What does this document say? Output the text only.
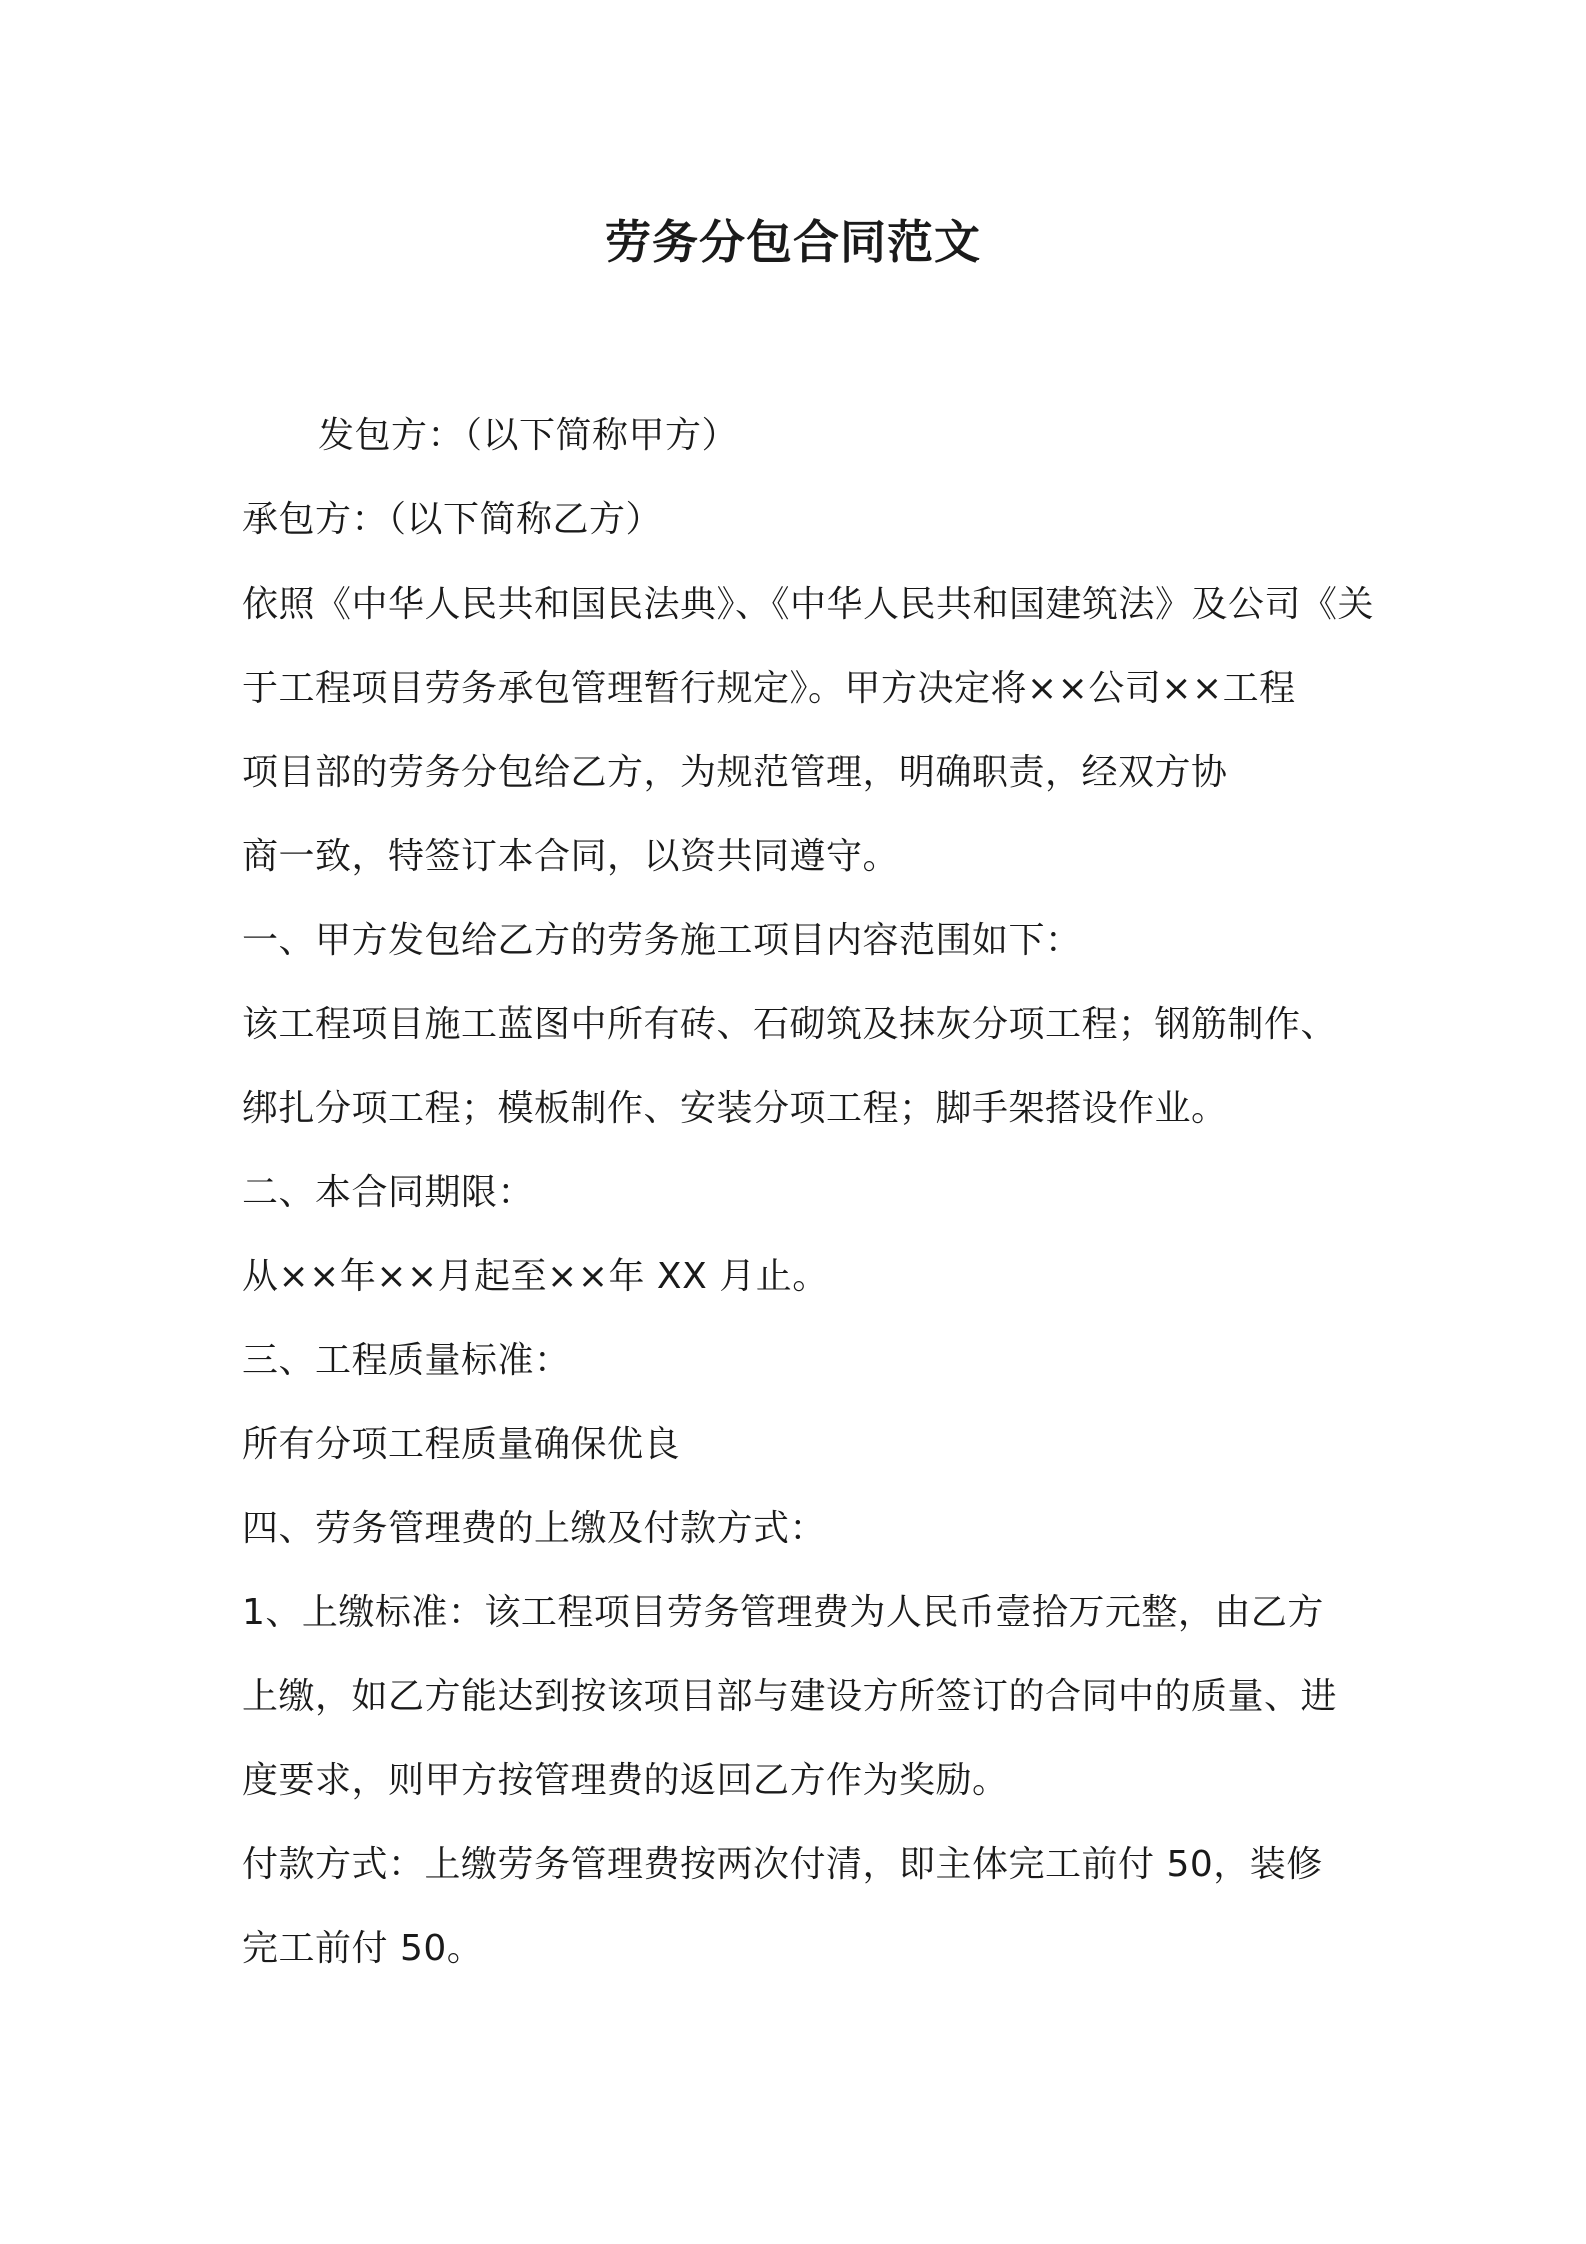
劳务分包合同范文
发包方：（以下简称甲方）
承包方：（以下简称乙方）
依照《中华人民共和国民法典》、《中华人民共和国建筑法》及公司《关
于工程项目劳务承包管理暂行规定》。甲方决定将××公司××工程
项目部的劳务分包给乙方，为规范管理，明确职责，经双方协
商一致，特签订本合同，以资共同遵守。
一、甲方发包给乙方的劳务施工项目内容范围如下：
该工程项目施工蓝图中所有砖、石砌筑及抹灰分项工程；钢筋制作、
绑扎分项工程；模板制作、安装分项工程；脚手架搭设作业。
二、本合同期限：
从××年××月起至××年 XX 月止。
三、工程质量标准：
所有分项工程质量确保优良
四、劳务管理费的上缴及付款方式：
1、上缴标准：该工程项目劳务管理费为人民币壹拾万元整，由乙方
上缴，如乙方能达到按该项目部与建设方所签订的合同中的质量、进
度要求，则甲方按管理费的返回乙方作为奖励。
付款方式：上缴劳务管理费按两次付清，即主体完工前付 50，装修
完工前付 50。
